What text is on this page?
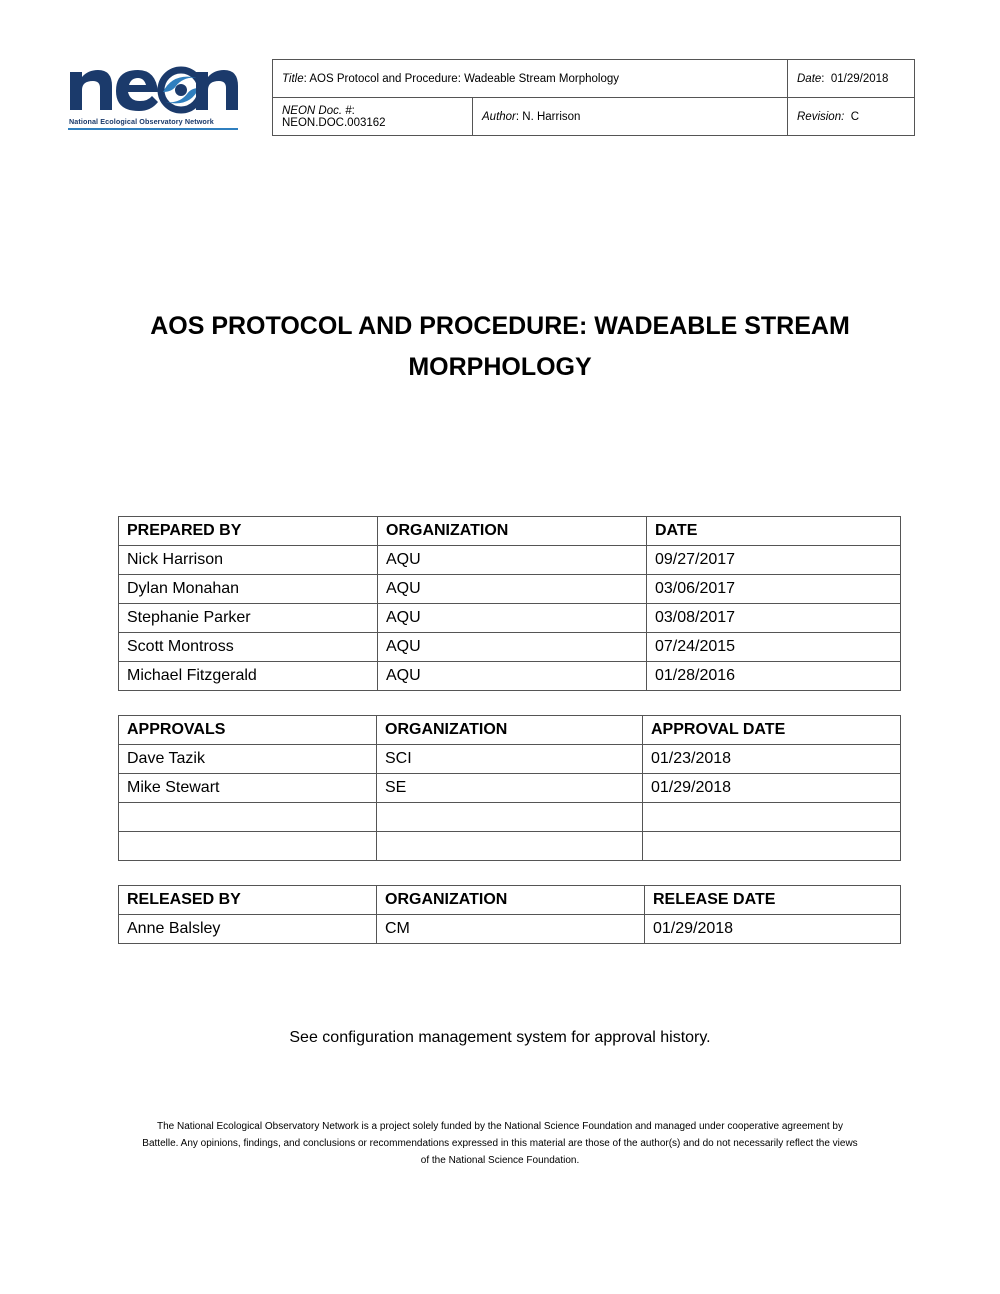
National Ecological Observatory Network
Title: AOS Protocol and Procedure: Wadeable Stream Morphology		Date:  01/29/2018
NEON Doc. #:  NEON.DOC.003162	Author: N. Harrison	Revision: C
AOS PROTOCOL AND PROCEDURE: WADEABLE STREAM
MORPHOLOGY
PREPARED BY	ORGANIZATION	DATE
Nick Harrison	AQU	09/27/2017
Dylan Monahan	AQU	03/06/2017
Stephanie Parker	AQU	03/08/2017
Scott Montross	AQU	07/24/2015
Michael Fitzgerald	AQU	01/28/2016
APPROVALS	ORGANIZATION	APPROVAL DATE
Dave Tazik	SCI	01/23/2018
Mike Stewart	SE	01/29/2018

RELEASED BY	ORGANIZATION	RELEASE DATE
Anne Balsley	CM	01/29/2018
See configuration management system for approval history.
The National Ecological Observatory Network is a project solely funded by the National Science Foundation and managed under cooperative agreement by
Battelle. Any opinions, findings, and conclusions or recommendations expressed in this material are those of the author(s) and do not necessarily reflect the views
of the National Science Foundation.
